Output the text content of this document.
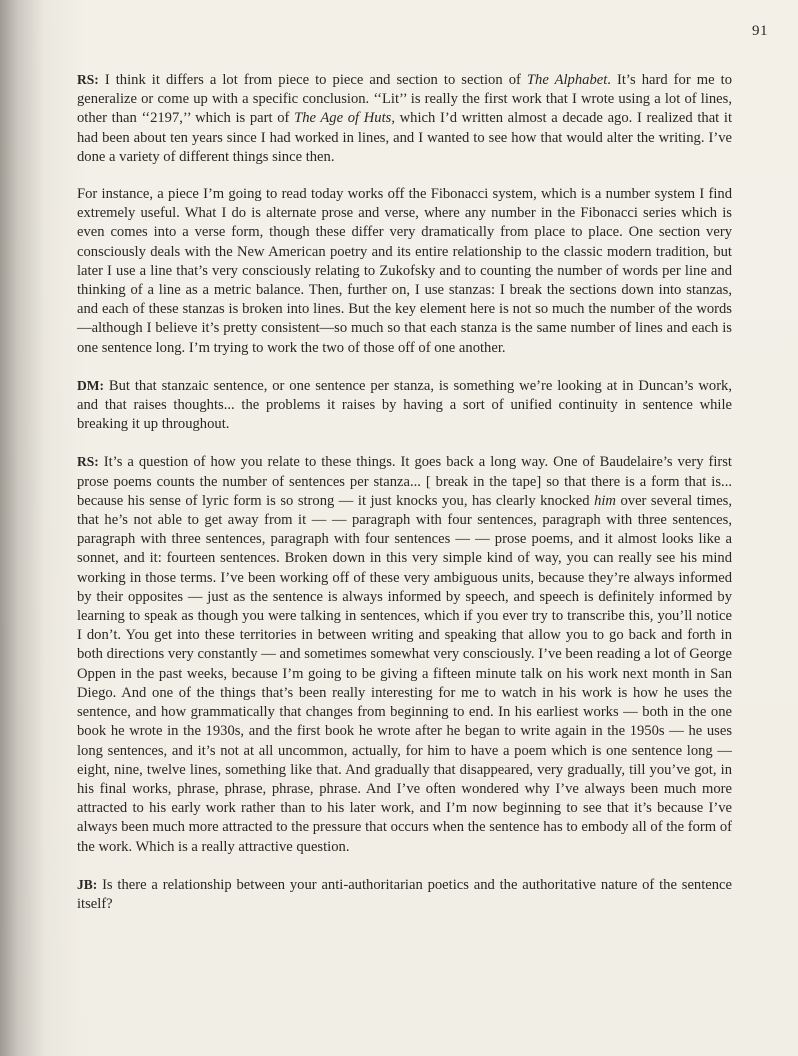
91

RS: I think it differs a lot from piece to piece and section to section of The Alphabet. It’s hard for me to generalize or come up with a specific conclusion. ‘‘Lit’’ is really the first work that I wrote using a lot of lines, other than ‘‘2197,’’ which is part of The Age of Huts, which I’d written almost a decade ago. I realized that it had been about ten years since I had worked in lines, and I wanted to see how that would alter the writing. I’ve done a variety of different things since then.

For instance, a piece I’m going to read today works off the Fibonacci system, which is a number system I find extremely useful. What I do is alternate prose and verse, where any number in the Fibonacci series which is even comes into a verse form, though these differ very dramatically from place to place. One section very consciously deals with the New American poetry and its entire relationship to the classic modern tradition, but later I use a line that’s very consciously relating to Zukofsky and to counting the number of words per line and thinking of a line as a metric balance. Then, further on, I use stanzas: I break the sections down into stanzas, and each of these stanzas is broken into lines. But the key element here is not so much the number of the words—although I believe it’s pretty consistent—so much so that each stanza is the same number of lines and each is one sentence long. I’m trying to work the two of those off of one another.

DM: But that stanzaic sentence, or one sentence per stanza, is something we’re looking at in Duncan’s work, and that raises thoughts... the problems it raises by having a sort of unified continuity in sentence while breaking it up throughout.

RS: It’s a question of how you relate to these things. It goes back a long way. One of Baudelaire’s very first prose poems counts the number of sentences per stanza... [ break in the tape] so that there is a form that is... because his sense of lyric form is so strong — it just knocks you, has clearly knocked him over several times, that he’s not able to get away from it — — paragraph with four sentences, paragraph with three sentences, paragraph with three sentences, paragraph with four sentences — — prose poems, and it almost looks like a sonnet, and it: fourteen sentences. Broken down in this very simple kind of way, you can really see his mind working in those terms. I’ve been working off of these very ambiguous units, because they’re always informed by their opposites — just as the sentence is always informed by speech, and speech is definitely informed by learning to speak as though you were talking in sentences, which if you ever try to transcribe this, you’ll notice I don’t. You get into these territories in between writing and speaking that allow you to go back and forth in both directions very constantly — and sometimes somewhat very consciously. I’ve been reading a lot of George Oppen in the past weeks, because I’m going to be giving a fifteen minute talk on his work next month in San Diego. And one of the things that’s been really interesting for me to watch in his work is how he uses the sentence, and how grammatically that changes from beginning to end. In his earliest works — both in the one book he wrote in the 1930s, and the first book he wrote after he began to write again in the 1950s — he uses long sentences, and it’s not at all uncommon, actually, for him to have a poem which is one sentence long — eight, nine, twelve lines, something like that. And gradually that disappeared, very gradually, till you’ve got, in his final works, phrase, phrase, phrase, phrase. And I’ve often wondered why I’ve always been much more attracted to his early work rather than to his later work, and I’m now beginning to see that it’s because I’ve always been much more attracted to the pressure that occurs when the sentence has to embody all of the form of the work. Which is a really attractive question.

JB: Is there a relationship between your anti-authoritarian poetics and the authoritative nature of the sentence itself?
